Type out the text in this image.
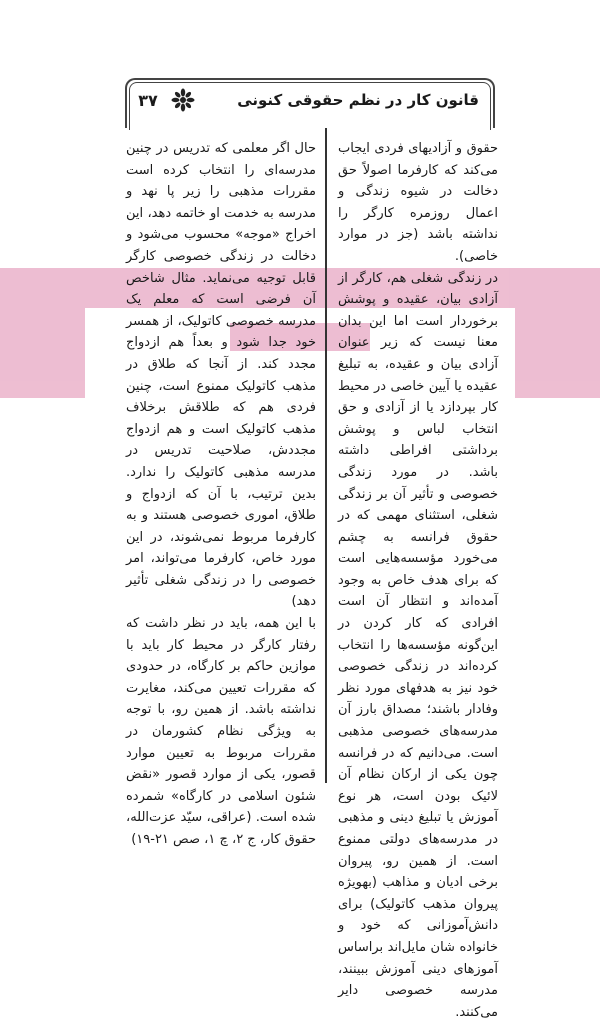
۳۷	قانون کار در نظم حقوقی کنونی

حقوق و آزادیهای فردی ایجاب می‌کند که کارفرما اصولاً حق دخالت در شیوه زندگی و اعمال روزمره کارگر را نداشته باشد (جز در موارد خاصی).

در زندگی شغلی هم، کارگر از آزادی بیان، عقیده و پوشش برخوردار است اما این بدان معنا نیست که زیر عنوان آزادی بیان و عقیده، به تبلیغ عقیده یا آیین خاصی در محیط کار بپردازد یا از آزادی و حق انتخاب لباس و پوشش برداشتی افراطی داشته باشد. در مورد زندگی خصوصی و تأثیر آن بر زندگی شغلی، استثنای مهمی که در حقوق فرانسه به چشم می‌خورد مؤسسه‌هایی است که برای هدف خاص به وجود آمده‌اند و انتظار آن است افرادی که کار کردن در این‌گونه مؤسسه‌ها را انتخاب کرده‌اند در زندگی خصوصی خود نیز به هدفهای مورد نظر وفادار باشند؛ مصداق بارز آن مدرسه‌های خصوصی مذهبی است. می‌دانیم که در فرانسه چون یکی از ارکان نظام آن لائیک بودن است، هر نوع آموزش یا تبلیغ دینی و مذهبی در مدرسه‌های دولتی ممنوع است. از همین رو، پیروان برخی ادیان و مذاهب (بهویژه پیروان مذهب کاتولیک) برای دانش‌آموزانی که خود و خانواده شان مایل‌اند براساس آموزهای دینی آموزش ببینند، مدرسه خصوصی دایر می‌کنند.

حال اگر معلمی که تدریس در چنین مدرسه‌ای را انتخاب کرده است مقررات مذهبی را زیر پا نهد و مدرسه به خدمت او خاتمه دهد، این اخراج «موجه» محسوب می‌شود و دخالت در زندگی خصوصی کارگر قابل توجیه می‌نماید. مثال شاخص آن فرضی است که معلم یک مدرسه خصوصی کاتولیک، از همسر خود جدا شود و بعداً هم ازدواج مجدد کند. از آنجا که طلاق در مذهب کاتولیک ممنوع است، چنین فردی هم که طلاقش برخلاف مذهب کاتولیک است و هم ازدواج مجددش، صلاحیت تدریس در مدرسه مذهبی کاتولیک را ندارد. بدین ترتیب، با آن که ازدواج و طلاق، اموری خصوصی هستند و به کارفرما مربوط نمی‌شوند، در این مورد خاص، کارفرما می‌تواند، امر خصوصی را در زندگی شغلی تأثیر دهد)

با این همه، باید در نظر داشت که رفتار کارگر در محیط کار باید با موازین حاکم بر کارگاه، در حدودی که مقررات تعیین می‌کند، مغایرت نداشته باشد. از همین رو، با توجه به ویژگی نظام کشورمان در مقررات مربوط به تعیین موارد قصور، یکی از موارد قصور «نقض شئون اسلامی در کارگاه» شمرده شده است. (عراقی، سیّد عزت‌الله، حقوق کار، ج ۲، چ ۱، صص ۲۱-۱۹)
